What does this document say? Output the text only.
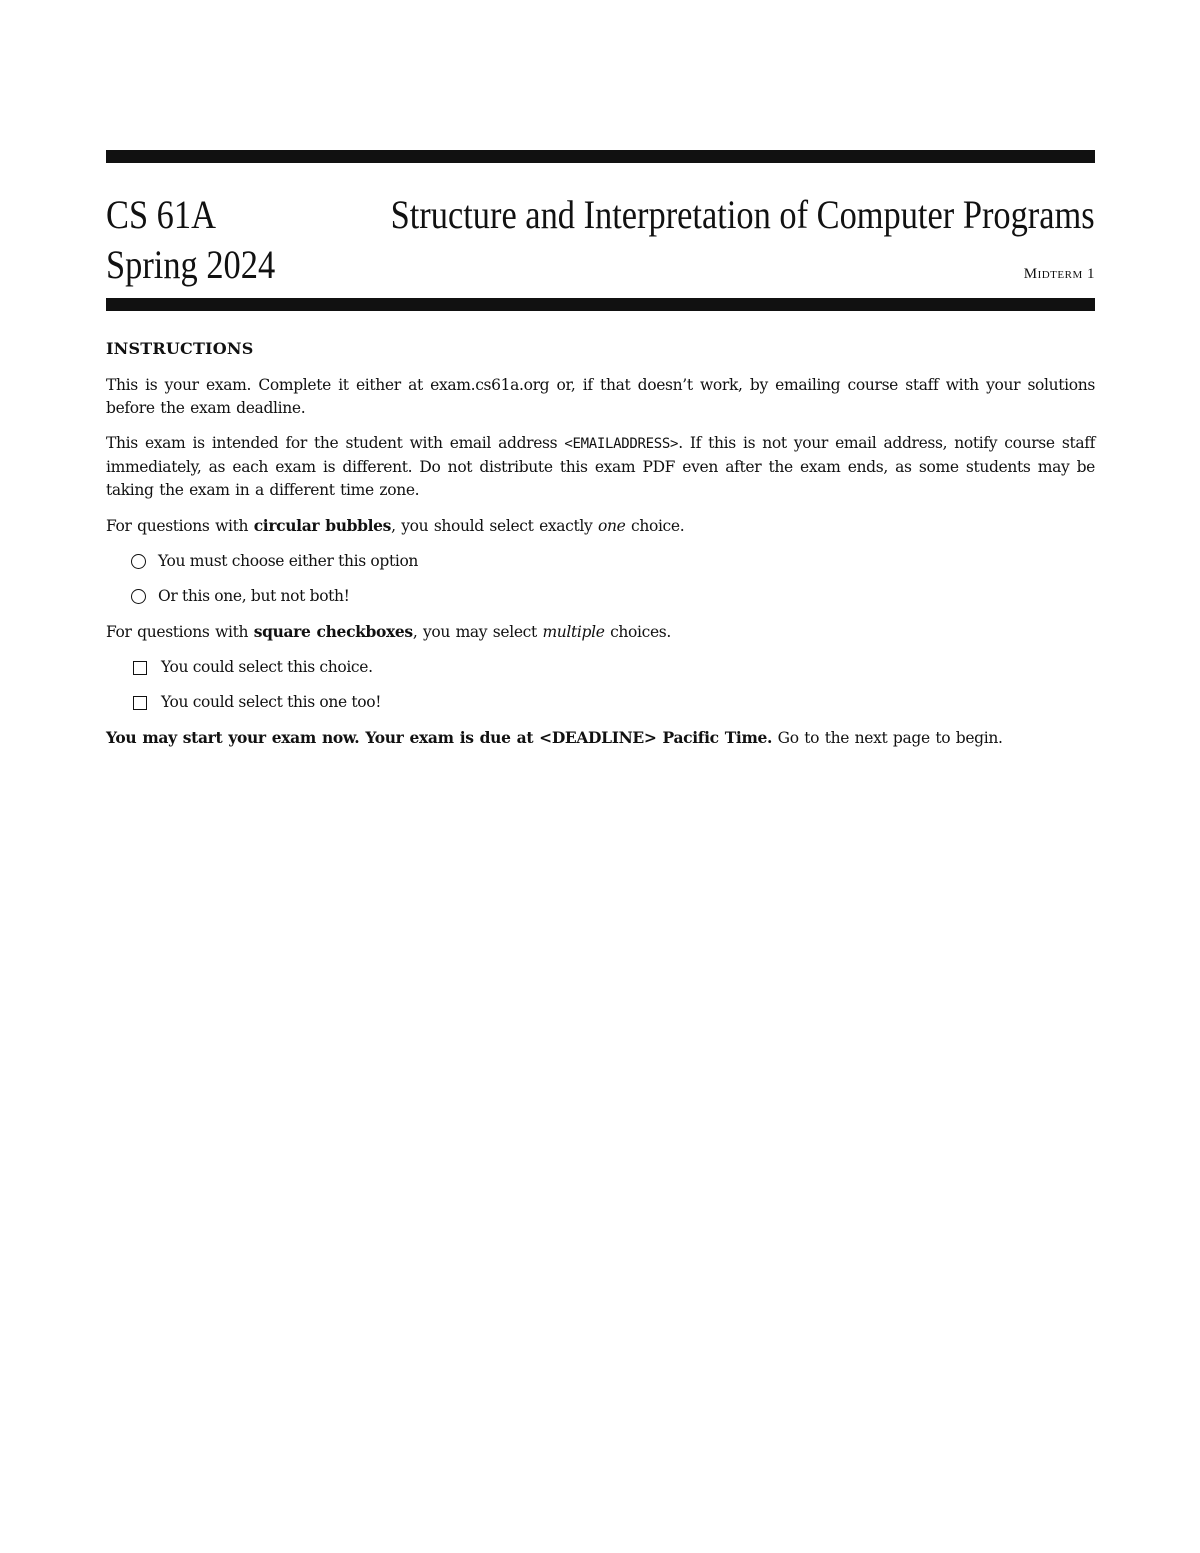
CS 61A
Spring 2024
Structure and Interpretation of Computer Programs
Midterm 1
INSTRUCTIONS

This is your exam. Complete it either at exam.cs61a.org or, if that doesn’t work, by emailing course staff with your solutions before the exam deadline.

This exam is intended for the student with email address <EMAILADDRESS>. If this is not your email address, notify course staff immediately, as each exam is different. Do not distribute this exam PDF even after the exam ends, as some students may be taking the exam in a different time zone.

For questions with circular bubbles, you should select exactly one choice.

You must choose either this option
Or this one, but not both!

For questions with square checkboxes, you may select multiple choices.

You could select this choice.
You could select this one too!

You may start your exam now. Your exam is due at <DEADLINE> Pacific Time. Go to the next page to begin.
